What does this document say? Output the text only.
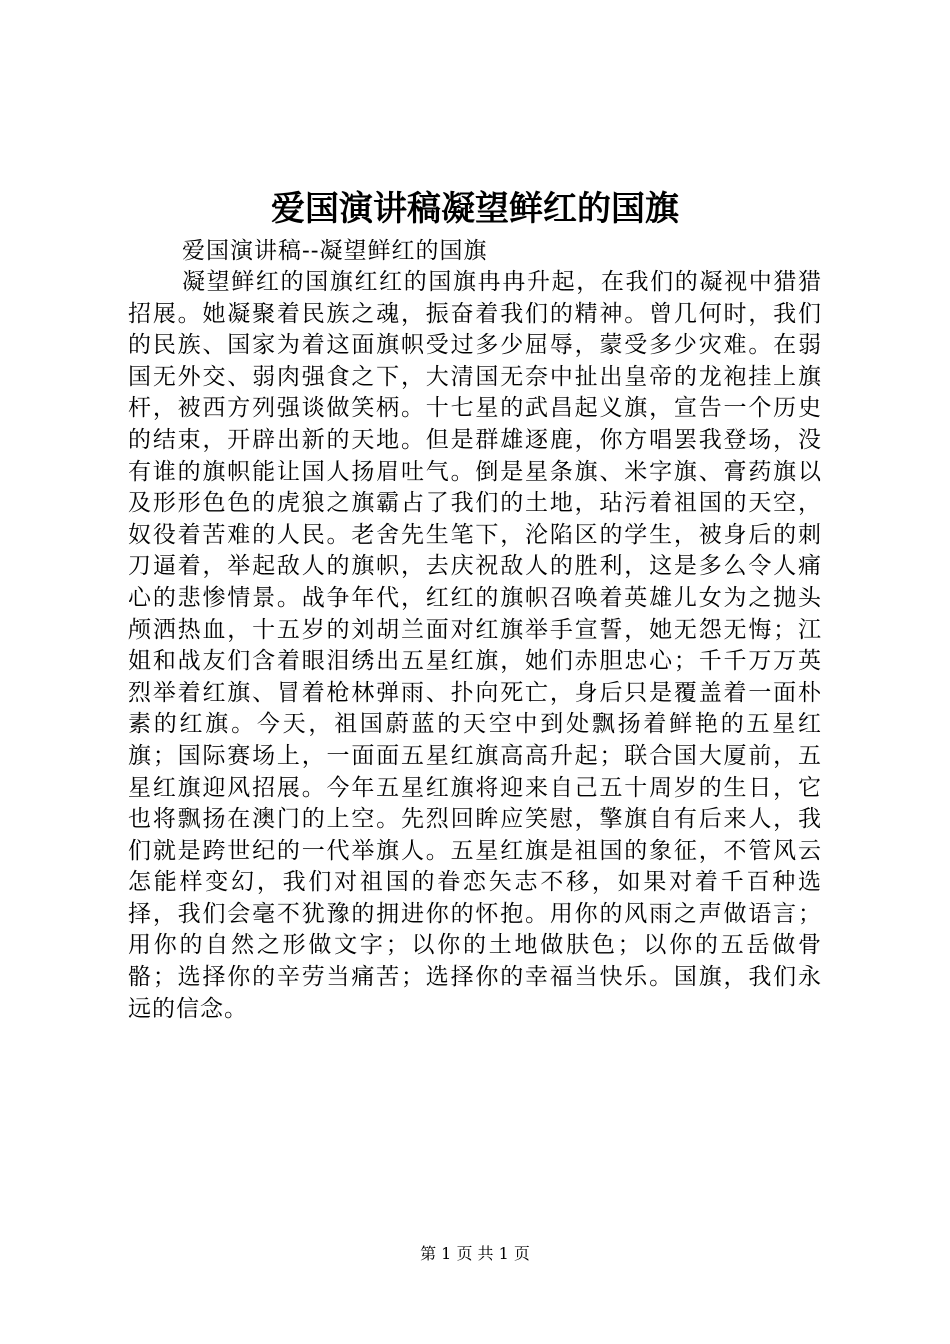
爱国演讲稿凝望鲜红的国旗

爱国演讲稿--凝望鲜红的国旗

凝望鲜红的国旗红红的国旗冉冉升起，在我们的凝视中猎猎招展。她凝聚着民族之魂，振奋着我们的精神。曾几何时，我们的民族、国家为着这面旗帜受过多少屈辱，蒙受多少灾难。在弱国无外交、弱肉强食之下，大清国无奈中扯出皇帝的龙袍挂上旗杆，被西方列强谈做笑柄。十七星的武昌起义旗，宣告一个历史的结束，开辟出新的天地。但是群雄逐鹿，你方唱罢我登场，没有谁的旗帜能让国人扬眉吐气。倒是星条旗、米字旗、膏药旗以及形形色色的虎狼之旗霸占了我们的土地，玷污着祖国的天空，奴役着苦难的人民。老舍先生笔下，沦陷区的学生，被身后的刺刀逼着，举起敌人的旗帜，去庆祝敌人的胜利，这是多么令人痛心的悲惨情景。战争年代，红红的旗帜召唤着英雄儿女为之抛头颅洒热血，十五岁的刘胡兰面对红旗举手宣誓，她无怨无悔；江姐和战友们含着眼泪绣出五星红旗，她们赤胆忠心；千千万万英烈举着红旗、冒着枪林弹雨、扑向死亡，身后只是覆盖着一面朴素的红旗。今天，祖国蔚蓝的天空中到处飘扬着鲜艳的五星红旗；国际赛场上，一面面五星红旗高高升起；联合国大厦前，五星红旗迎风招展。今年五星红旗将迎来自己五十周岁的生日，它也将飘扬在澳门的上空。先烈回眸应笑慰，擎旗自有后来人，我们就是跨世纪的一代举旗人。五星红旗是祖国的象征，不管风云怎能样变幻，我们对祖国的眷恋矢志不移，如果对着千百种选择，我们会毫不犹豫的拥进你的怀抱。用你的风雨之声做语言；用你的自然之形做文字；以你的土地做肤色；以你的五岳做骨骼；选择你的辛劳当痛苦；选择你的幸福当快乐。国旗，我们永远的信念。

第 1 页 共 1 页
